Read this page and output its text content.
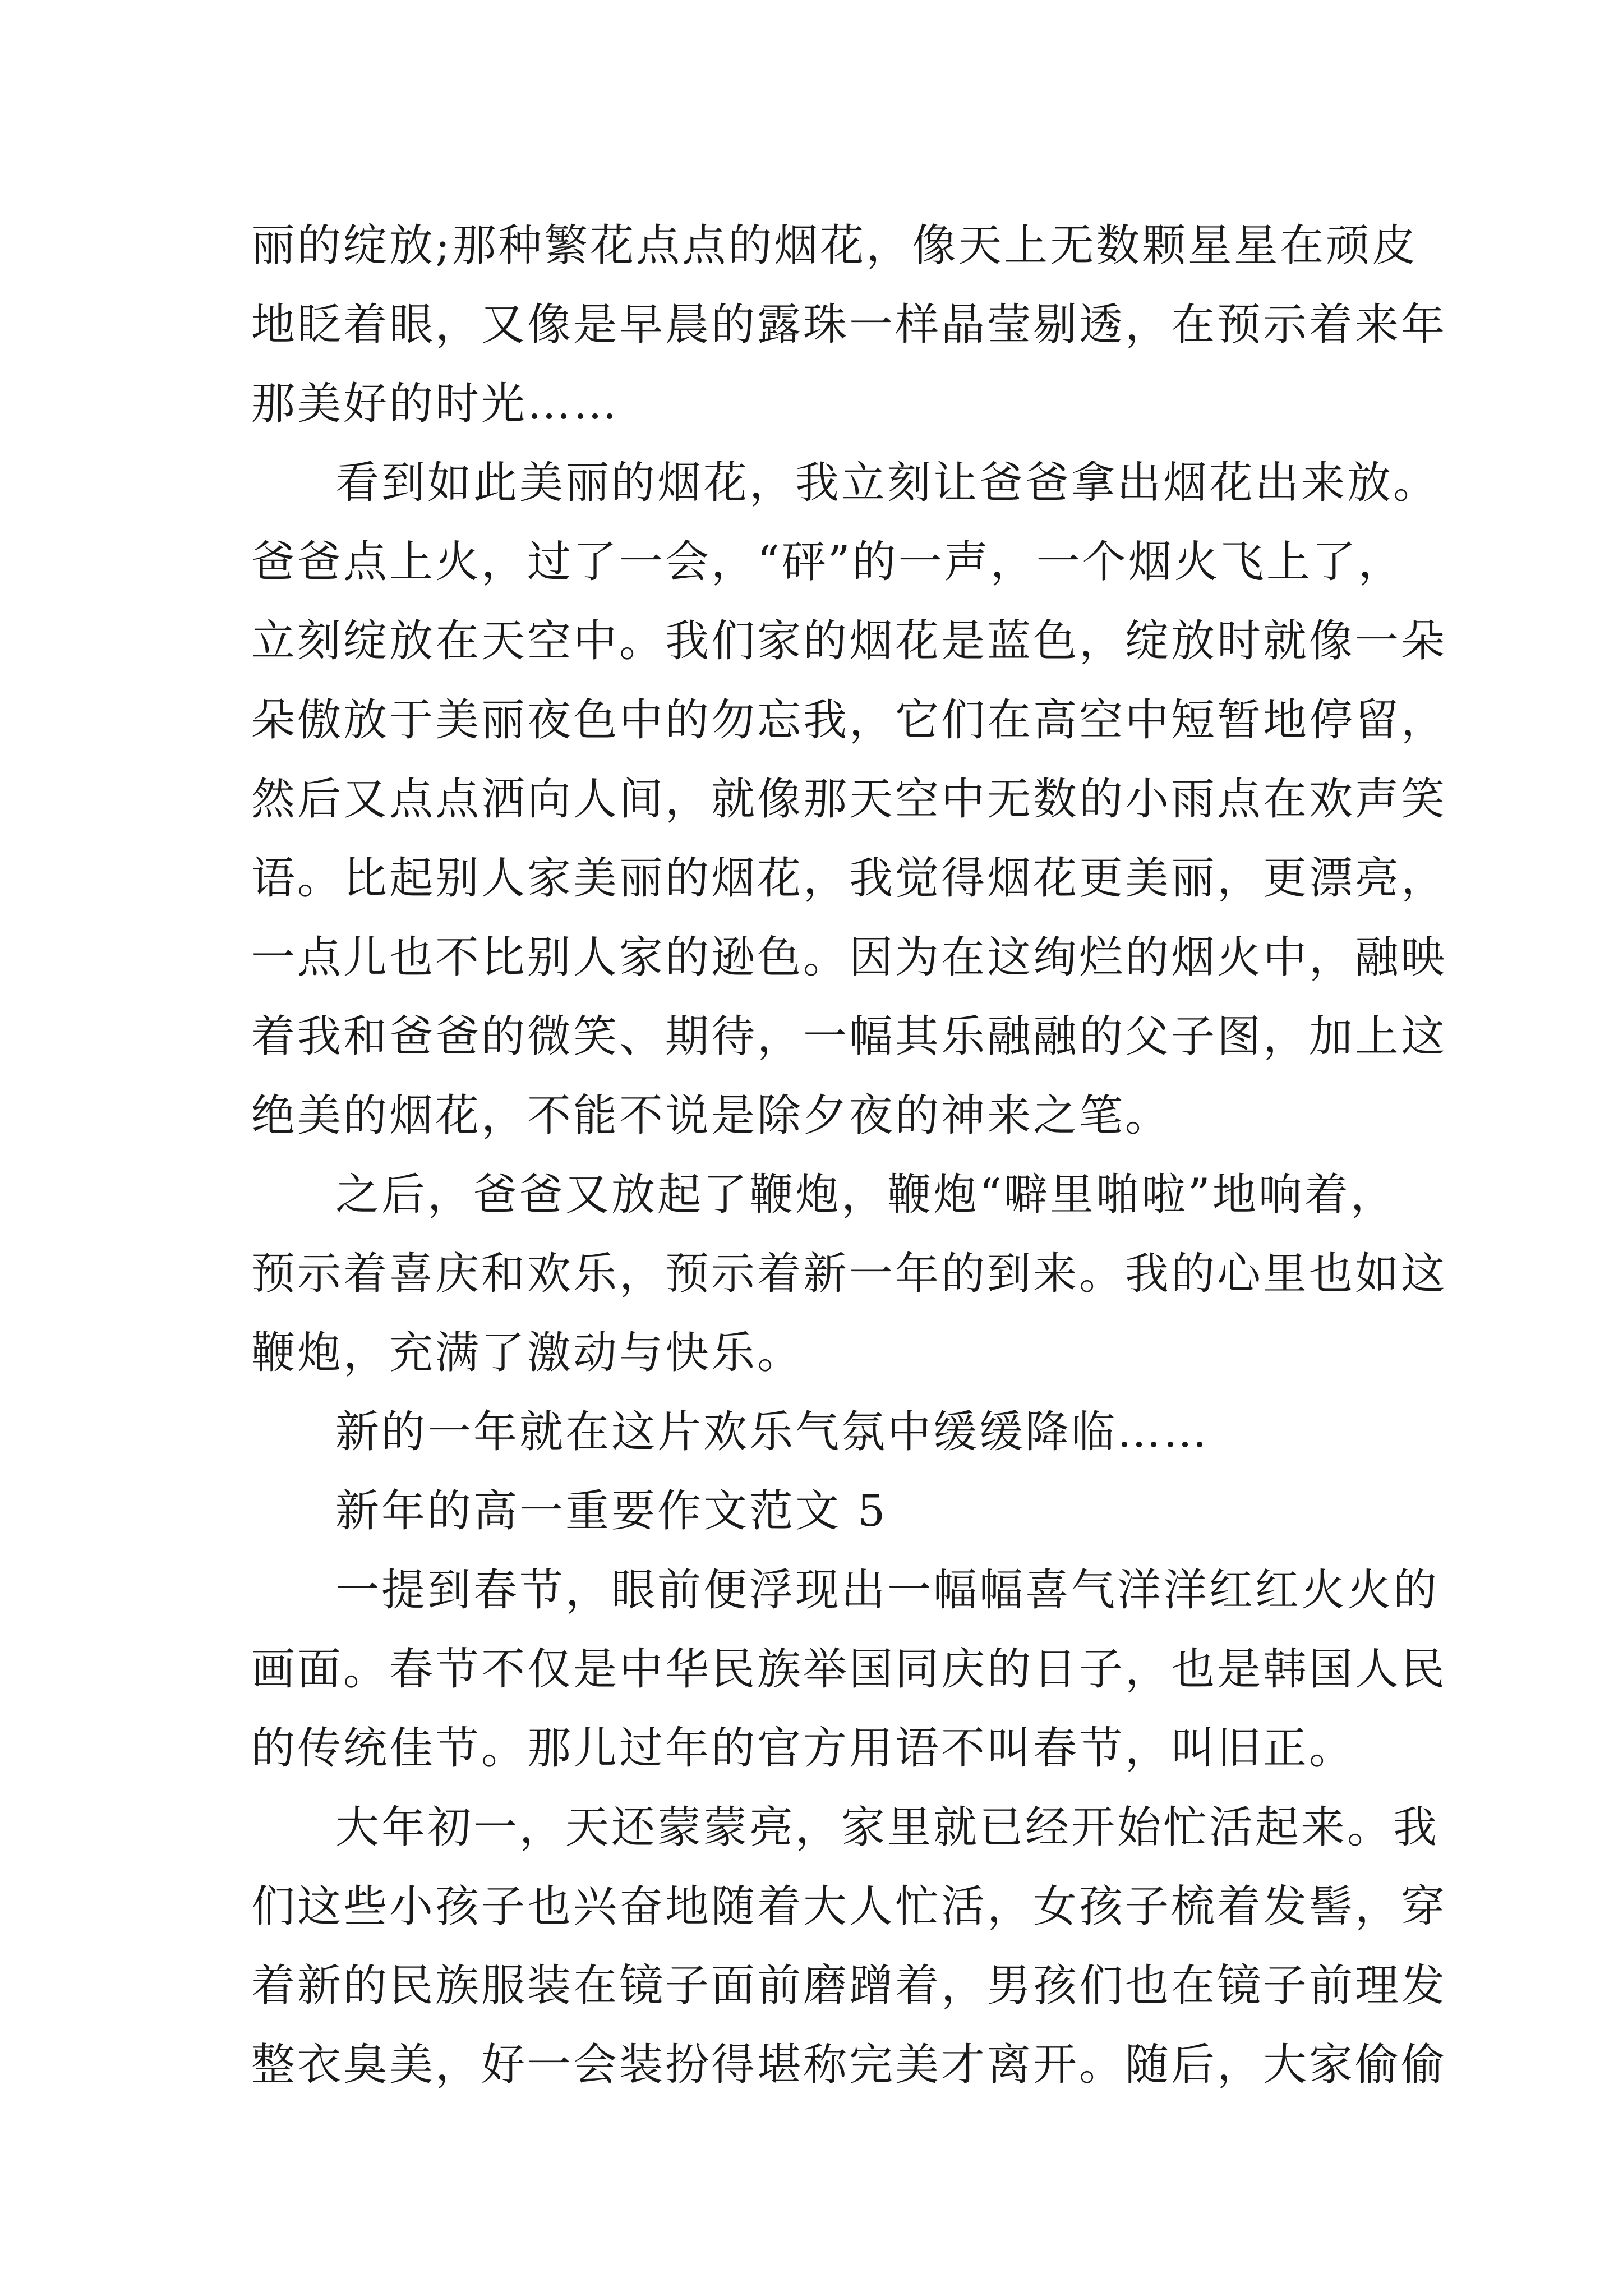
丽的绽放;那种繁花点点的烟花，像天上无数颗星星在顽皮
地眨着眼，又像是早晨的露珠一样晶莹剔透，在预示着来年
那美好的时光……
看到如此美丽的烟花，我立刻让爸爸拿出烟花出来放。
爸爸点上火，过了一会，“砰”的一声，一个烟火飞上了，
立刻绽放在天空中。我们家的烟花是蓝色，绽放时就像一朵
朵傲放于美丽夜色中的勿忘我，它们在高空中短暂地停留，
然后又点点洒向人间，就像那天空中无数的小雨点在欢声笑
语。比起别人家美丽的烟花，我觉得烟花更美丽，更漂亮，
一点儿也不比别人家的逊色。因为在这绚烂的烟火中，融映
着我和爸爸的微笑、期待，一幅其乐融融的父子图，加上这
绝美的烟花，不能不说是除夕夜的神来之笔。
之后，爸爸又放起了鞭炮，鞭炮“噼里啪啦”地响着，
预示着喜庆和欢乐，预示着新一年的到来。我的心里也如这
鞭炮，充满了激动与快乐。
新的一年就在这片欢乐气氛中缓缓降临……
新年的高一重要作文范文 5
一提到春节，眼前便浮现出一幅幅喜气洋洋红红火火的
画面。春节不仅是中华民族举国同庆的日子，也是韩国人民
的传统佳节。那儿过年的官方用语不叫春节，叫旧正。
大年初一，天还蒙蒙亮，家里就已经开始忙活起来。我
们这些小孩子也兴奋地随着大人忙活，女孩子梳着发髻，穿
着新的民族服装在镜子面前磨蹭着，男孩们也在镜子前理发
整衣臭美，好一会装扮得堪称完美才离开。随后，大家偷偷
